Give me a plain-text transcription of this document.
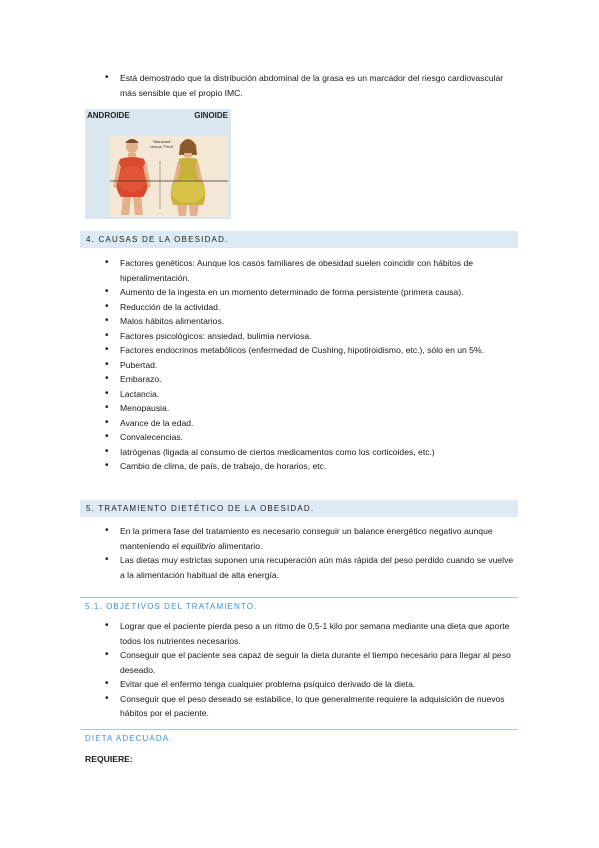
• Está demostrado que la distribución abdominal de la grasa es un marcador del riesgo cardiovascular más sensible que el propio IMC.
ANDROIDE	GINOIDE
"Manzana" versus "Pera"
4. CAUSAS DE LA OBESIDAD.
• Factores genéticos: Aunque los casos familiares de obesidad suelen coincidir con hábitos de hiperalimentación.
• Aumento de la ingesta en un momento determinado de forma persistente (primera causa).
• Reducción de la actividad.
• Malos hábitos alimentarios.
• Factores psicológicos: ansiedad, bulimia nerviosa.
• Factores endocrinos metabólicos (enfermedad de Cushing, hipotiroidismo, etc.), sólo en un 5%.
• Pubertad.
• Embarazo.
• Lactancia.
• Menopausia.
• Avance de la edad.
• Convalecencias.
• Iatrógenas (ligada al consumo de ciertos medicamentos como los corticoides, etc.)
• Cambio de clima, de país, de trabajo, de horarios, etc.
5. TRATAMIENTO DIETÉTICO DE LA OBESIDAD.
• En la primera fase del tratamiento es necesario conseguir un balance energético negativo aunque manteniendo el equilibrio alimentario.
• Las dietas muy estrictas suponen una recuperación aún más rápida del peso perdido cuando se vuelve a la alimentación habitual de alta energía.
5.1. OBJETIVOS DEL TRATAMIENTO.
• Lograr que el paciente pierda peso a un ritmo de 0,5-1 kilo por semana mediante una dieta que aporte todos los nutrientes necesarios.
• Conseguir que el paciente sea capaz de seguir la dieta durante el tiempo necesario para llegar al peso deseado.
• Evitar que el enfermo tenga cualquier problema psíquico derivado de la dieta.
• Conseguir que el peso deseado se estabilice, lo que generalmente requiere la adquisición de nuevos hábitos por el paciente.
DIETA ADECUADA.
REQUIERE:
